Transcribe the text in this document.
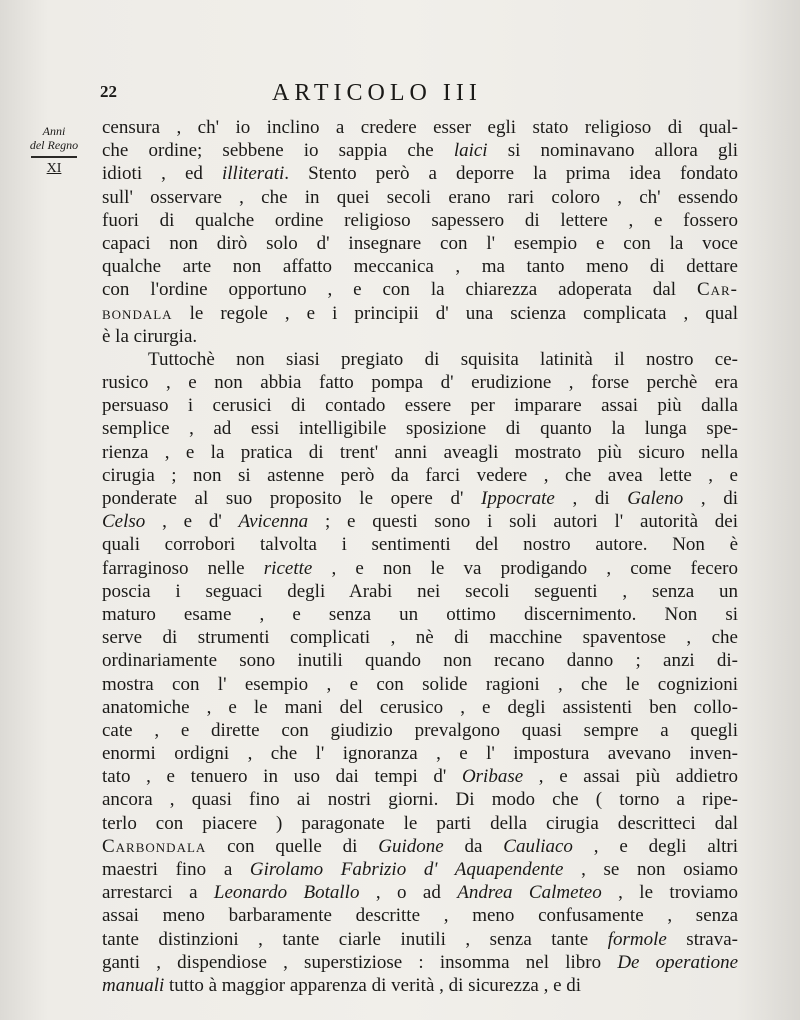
22	ARTICOLO III
Anni
del Regno
XI
censura , ch' io inclino a credere esser egli stato religioso di qual-
che ordine; sebbene io sappia che laici si nominavano allora gli
idioti , ed illiterati. Stento però a deporre la prima idea fondato
sull' osservare , che in quei secoli erano rari coloro , ch' essendo
fuori di qualche ordine religioso sapessero di lettere , e fossero
capaci non dirò solo d' insegnare con l' esempio e con la voce
qualche arte non affatto meccanica , ma tanto meno di dettare
con l'ordine opportuno , e con la chiarezza adoperata dal Car-
bondala le regole , e i principii d' una scienza complicata , qual
è la cirurgia.
Tuttochè non siasi pregiato di squisita latinità il nostro ce-
rusico , e non abbia fatto pompa d' erudizione , forse perchè era
persuaso i cerusici di contado essere per imparare assai più dalla
semplice , ad essi intelligibile sposizione di quanto la lunga spe-
rienza , e la pratica di trent' anni aveagli mostrato più sicuro nella
cirugia ; non si astenne però da farci vedere , che avea lette , e
ponderate al suo proposito le opere d' Ippocrate , di Galeno , di
Celso , e d' Avicenna ; e questi sono i soli autori l' autorità dei
quali corrobori talvolta i sentimenti del nostro autore. Non è
farraginoso nelle ricette , e non le va prodigando , come fecero
poscia i seguaci degli Arabi nei secoli seguenti , senza un
maturo esame , e senza un ottimo discernimento. Non si
serve di strumenti complicati , nè di macchine spaventose , che
ordinariamente sono inutili quando non recano danno ; anzi di-
mostra con l' esempio , e con solide ragioni , che le cognizioni
anatomiche , e le mani del cerusico , e degli assistenti ben collo-
cate , e dirette con giudizio prevalgono quasi sempre a quegli
enormi ordigni , che l' ignoranza , e l' impostura avevano inven-
tato , e tenuero in uso dai tempi d' Oribase , e assai più addietro
ancora , quasi fino ai nostri giorni. Di modo che ( torno a ripe-
terlo con piacere ) paragonate le parti della cirugia descritteci dal
Carbondala con quelle di Guidone da Cauliaco , e degli altri
maestri fino a Girolamo Fabrizio d' Aquapendente , se non osiamo
arrestarci a Leonardo Botallo , o ad Andrea Calmeteo , le troviamo
assai meno barbaramente descritte , meno confusamente , senza
tante distinzioni , tante ciarle inutili , senza tante formole strava-
ganti , dispendiose , superstiziose : insomma nel libro De operatione
manuali tutto à maggior apparenza di verità , di sicurezza , e di
